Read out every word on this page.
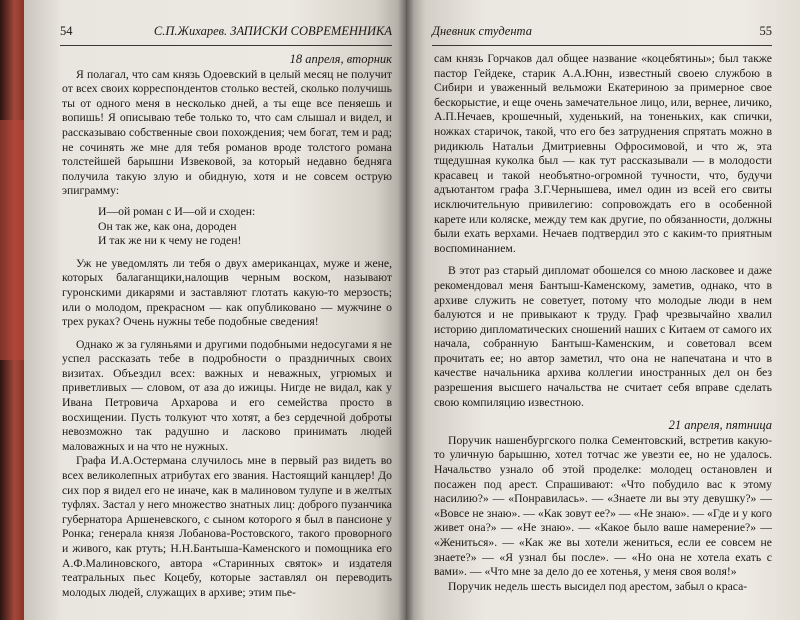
54	С.П.Жихарев. ЗАПИСКИ СОВРЕМЕННИКА
18 апреля, вторник

Я полагал, что сам князь Одоевский в целый месяц не получит от всех своих корреспондентов столько вестей, сколько получишь ты от одного меня в несколько дней, а ты еще все пеняешь и вопишь! Я описываю тебе только то, что сам слышал и видел, и рассказываю собственные свои похождения; чем богат, тем и рад; не сочинять же мне для тебя романов вроде толстого романа толстейшей барышни Извековой, за который недавно бедняга получила такую злую и обидную, хотя и не совсем острую эпиграмму:

И—ой роман с И—ой и сходен:
Он так же, как она, дороден
И так же ни к чему не годен!

Уж не уведомлять ли тебя о двух американцах, муже и жене, которых балаганщики,налощив черным воском, называют гуронскими дикарями и заставляют глотать какую-то мерзость; или о молодом, прекрасном — как опубликовано — мужчине о трех руках? Очень нужны тебе подобные сведения!

Однако ж за гуляньями и другими подобными недосугами я не успел рассказать тебе в подробности о праздничных своих визитах. Объездил всех: важных и неважных, угрюмых и приветливых — словом, от аза до ижицы. Нигде не видал, как у Ивана Петровича Архарова и его семейства просто в восхищении. Пусть толкуют что хотят, а без сердечной доброты невозможно так радушно и ласково принимать людей маловажных и на что не нужных.

Графа И.А.Остермана случилось мне в первый раз видеть во всех великолепных атрибутах его звания. Настоящий канцлер! До сих пор я видел его не иначе, как в малиновом тулупе и в желтых туфлях. Застал у него множество знатных лиц: доброго пузанчика губернатора Аршеневского, с сыном которого я был в пансионе у Ронка; генерала князя Лобанова-Ростовского, такого проворного и живого, как ртуть; Н.Н.Бантыша-Каменского и помощника его А.Ф.Малиновского, автора «Старинных святок» и издателя театральных пьес Коцебу, которые заставлял он переводить молодых людей, служащих в архиве; этим пье-

Дневник студента	55

сам князь Горчаков дал общее название «коцебятины»; был также пастор Гейдеке, старик А.А.Юнн, известный своею службою в Сибири и уваженный вельможи Екатериною за примерное свое бескорыстие, и еще очень замечательное лицо, или, вернее, личико, А.П.Нечаев, крошечный, худенький, на тоненьких, как спички, ножках старичок, такой, что его без затруднения спрятать можно в ридикюль Натальи Дмитриевны Офросимовой, и что ж, эта тщедушная куколка был — как тут рассказывали — в молодости красавец и такой необъятно-огромной тучности, что, будучи адъютантом графа З.Г.Чернышева, имел один из всей его свиты исключительную привилегию: сопровождать его в особенной карете или коляске, между тем как другие, по обязанности, должны были ехать верхами. Нечаев подтвердил это с каким-то приятным воспоминанием.

В этот раз старый дипломат обошелся со мною ласковее и даже рекомендовал меня Бантыш-Каменскому, заметив, однако, что в архиве служить не советует, потому что молодые люди в нем балуются и не привыкают к труду. Граф чрезвычайно хвалил историю дипломатических сношений наших с Китаем от самого их начала, собранную Бантыш-Каменским, и советовал всем прочитать ее; но автор заметил, что она не напечатана и что в качестве начальника архива коллегии иностранных дел он без разрешения высшего начальства не считает себя вправе сделать свою компиляцию известною.

21 апреля, пятница

Поручик нашенбургского полка Сементовский, встретив какую-то уличную барышню, хотел тотчас же увезти ее, но не удалось. Начальство узнало об этой проделке: молодец остановлен и посажен под арест. Спрашивают: «Что побудило вас к этому насилию?» — «Понравилась». — «Знаете ли вы эту девушку?» — «Вовсе не знаю». — «Как зовут ее?» — «Не знаю». — «Где и у кого живет она?» — «Не знаю». — «Какое было ваше намерение?» — «Жениться». — «Как же вы хотели жениться, если ее совсем не знаете?» — «Я узнал бы после». — «Но она не хотела ехать с вами». — «Что мне за дело до ее хотенья, у меня своя воля!»

Поручик недель шесть высидел под арестом, забыл о краса-
